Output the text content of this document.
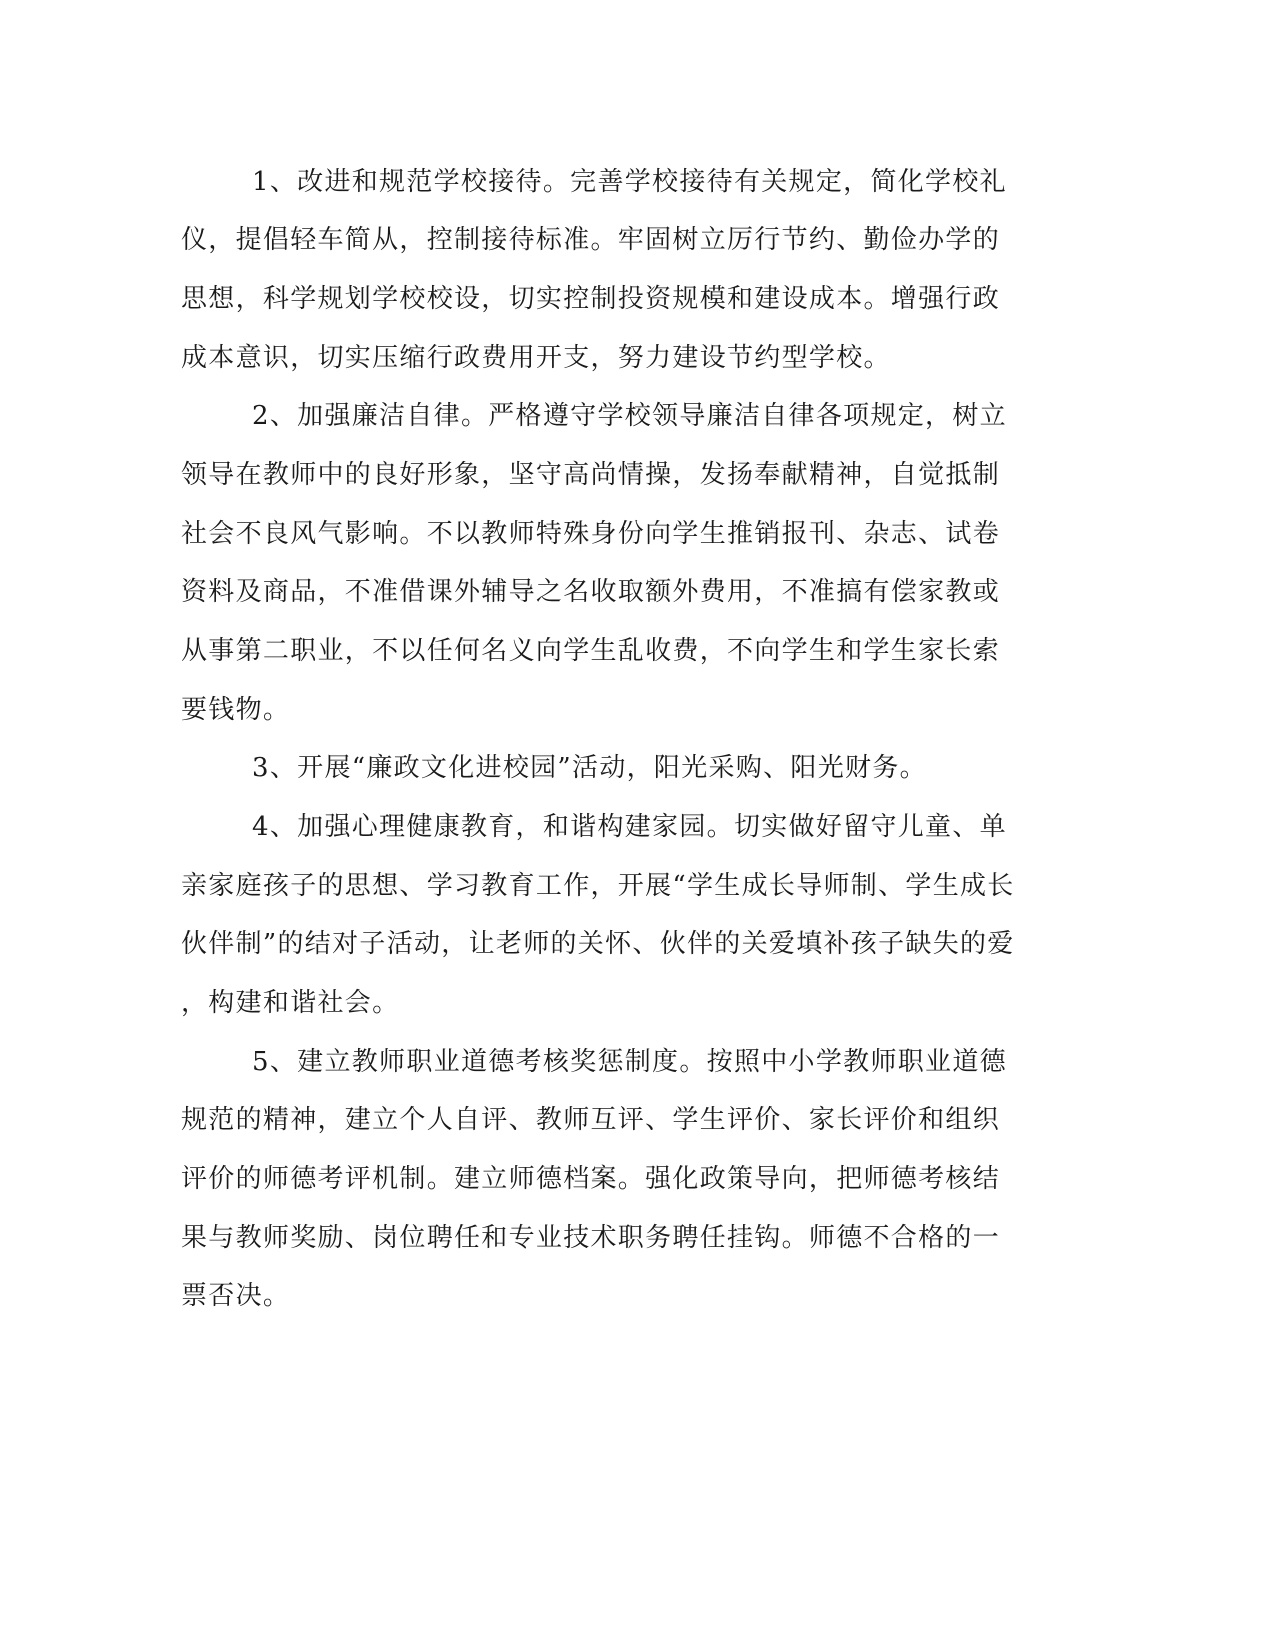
1、改进和规范学校接待。完善学校接待有关规定，简化学校礼
仪，提倡轻车简从，控制接待标准。牢固树立厉行节约、勤俭办学的
思想，科学规划学校校设，切实控制投资规模和建设成本。增强行政
成本意识，切实压缩行政费用开支，努力建设节约型学校。
2、加强廉洁自律。严格遵守学校领导廉洁自律各项规定，树立
领导在教师中的良好形象，坚守高尚情操，发扬奉献精神，自觉抵制
社会不良风气影响。不以教师特殊身份向学生推销报刊、杂志、试卷
资料及商品，不准借课外辅导之名收取额外费用，不准搞有偿家教或
从事第二职业，不以任何名义向学生乱收费，不向学生和学生家长索
要钱物。
3、开展“廉政文化进校园”活动，阳光采购、阳光财务。
4、加强心理健康教育，和谐构建家园。切实做好留守儿童、单
亲家庭孩子的思想、学习教育工作，开展“学生成长导师制、学生成长
伙伴制”的结对子活动，让老师的关怀、伙伴的关爱填补孩子缺失的爱
，构建和谐社会。
5、建立教师职业道德考核奖惩制度。按照中小学教师职业道德
规范的精神，建立个人自评、教师互评、学生评价、家长评价和组织
评价的师德考评机制。建立师德档案。强化政策导向，把师德考核结
果与教师奖励、岗位聘任和专业技术职务聘任挂钩。师德不合格的一
票否决。
